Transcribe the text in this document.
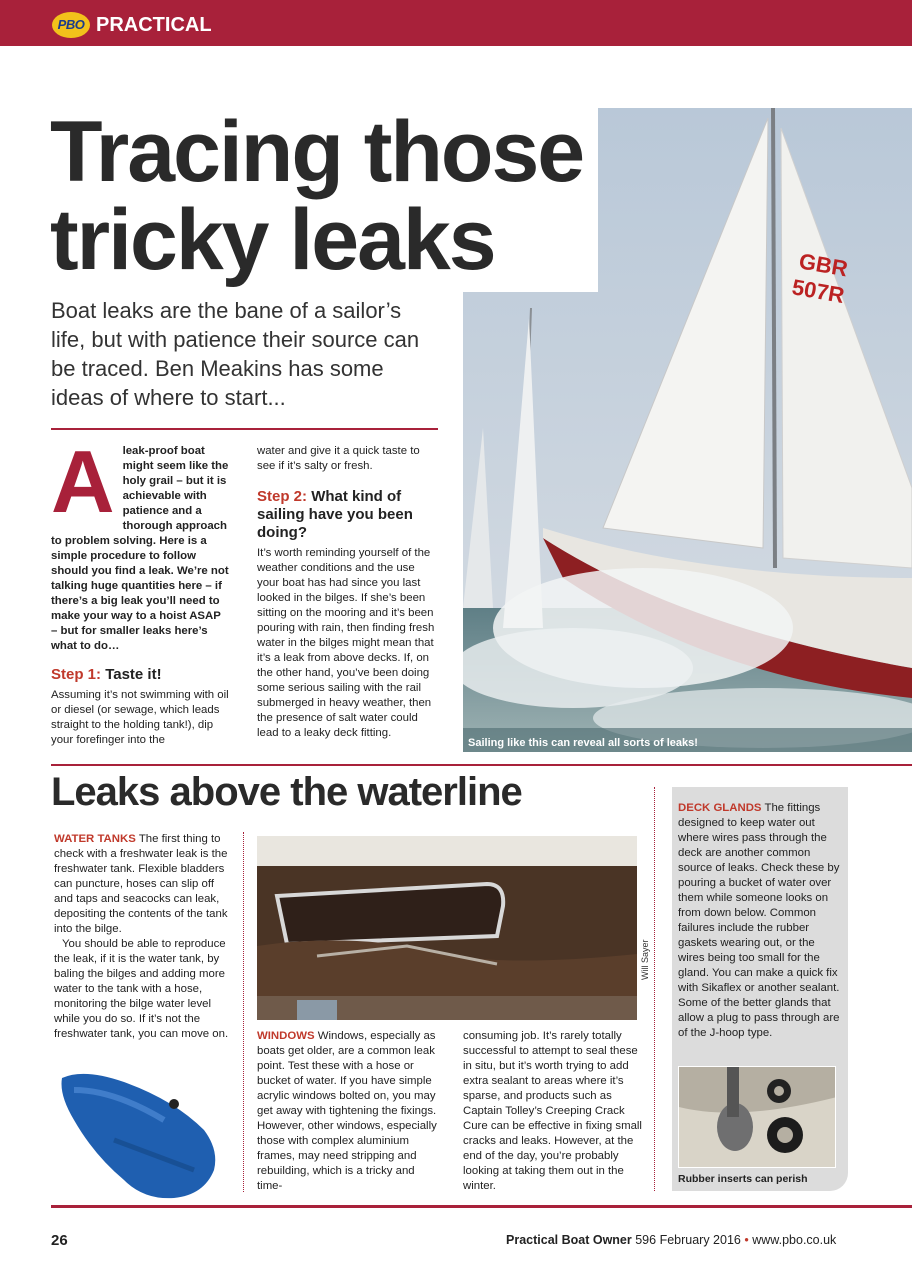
PBO PRACTICAL
GBR
507R
Sailing like this can reveal all sorts of leaks!
Tracing those
tricky leaks
Boat leaks are the bane of a sailor’s life, but with patience their source can be traced. Ben Meakins has some ideas of where to start...
Aleak-proof boat might seem like the holy grail – but it is achievable with patience and a thorough approach to problem solving. Here is a simple procedure to follow should you find a leak. We’re not talking huge quantities here – if there’s a big leak you’ll need to make your way to a hoist ASAP – but for smaller leaks here’s what to do…
Step 1: Taste it!
Assuming it’s not swimming with oil or diesel (or sewage, which leads straight to the holding tank!), dip your forefinger into the
water and give it a quick taste to see if it’s salty or fresh.
Step 2: What kind of sailing have you been doing?
It’s worth reminding yourself of the weather conditions and the use your boat has had since you last looked in the bilges. If she’s been sitting on the mooring and it’s been pouring with rain, then finding fresh water in the bilges might mean that it’s a leak from above decks. If, on the other hand, you’ve been doing some serious sailing with the rail submerged in heavy weather, then the presence of salt water could lead to a leaky deck fitting.
Leaks above the waterline
WATER TANKS The first thing to check with a freshwater leak is the freshwater tank. Flexible bladders can puncture, hoses can slip off and taps and seacocks can leak, depositing the contents of the tank into the bilge.
You should be able to reproduce the leak, if it is the water tank, by baling the bilges and adding more water to the tank with a hose, monitoring the bilge water level while you do so. If it’s not the freshwater tank, you can move on.
Will Sayer
WINDOWS Windows, especially as boats get older, are a common leak point. Test these with a hose or bucket of water. If you have simple acrylic windows bolted on, you may get away with tightening the fixings. However, other windows, especially those with complex aluminium frames, may need stripping and rebuilding, which is a tricky and time-
consuming job. It’s rarely totally successful to attempt to seal these in situ, but it’s worth trying to add extra sealant to areas where it’s sparse, and products such as Captain Tolley’s Creeping Crack Cure can be effective in fixing small cracks and leaks. However, at the end of the day, you’re probably looking at taking them out in the winter.
DECK GLANDS The fittings designed to keep water out where wires pass through the deck are another common source of leaks. Check these by pouring a bucket of water over them while someone looks on from down below. Common failures include the rubber gaskets wearing out, or the wires being too small for the gland. You can make a quick fix with Sikaflex or another sealant. Some of the better glands that allow a plug to pass through are of the J-hoop type.
Rubber inserts can perish
26	Practical Boat Owner 596 February 2016 • www.pbo.co.uk
